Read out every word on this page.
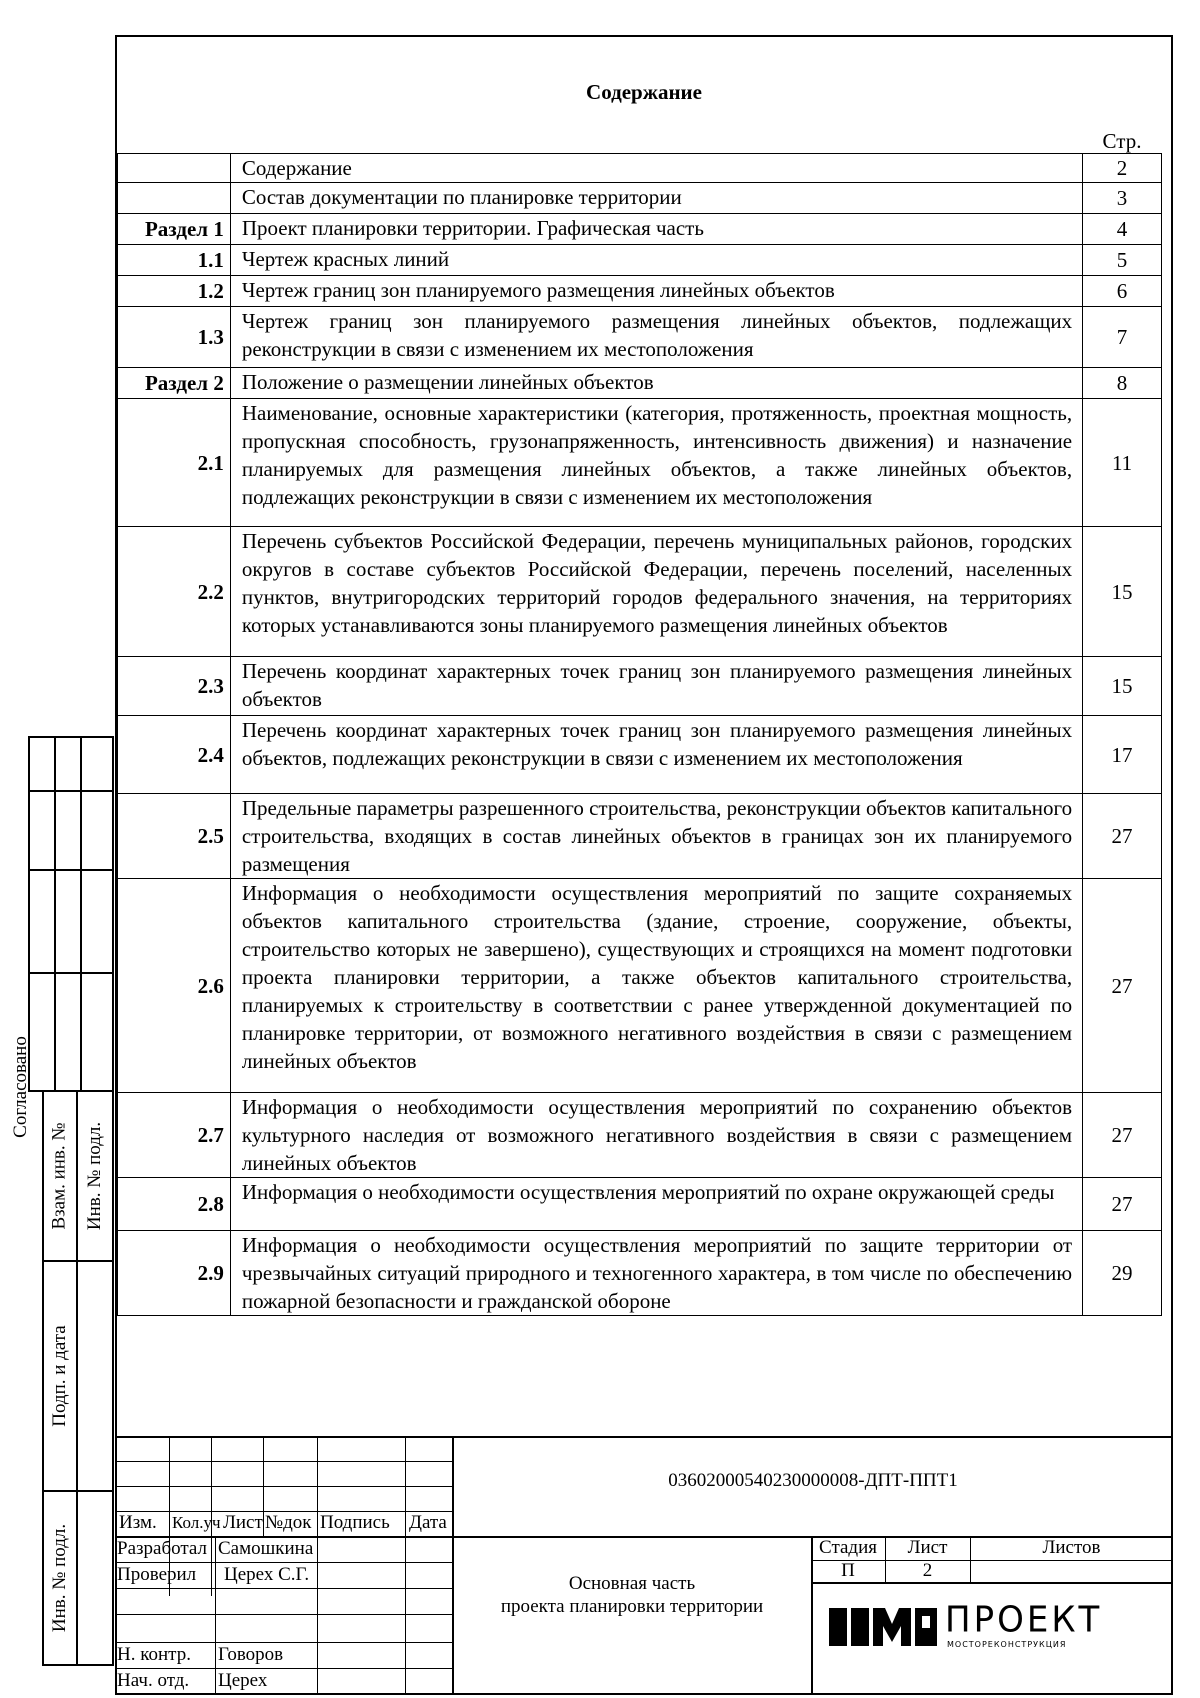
Содержание
Стр.
	Содержание	2
	Состав документации по планировке территории	3
Раздел 1	Проект планировки территории. Графическая часть	4
1.1	Чертеж красных линий	5
1.2	Чертеж границ зон планируемого размещения линейных объектов	6
1.3	Чертеж границ зон планируемого размещения линейных объектов, подлежащих реконструкции в связи с изменением их местоположения	7
Раздел 2	Положение о размещении линейных объектов	8
2.1	Наименование, основные характеристики (категория, протяженность, проектная мощность, пропускная способность, грузонапряженность, интенсивность движения) и назначение планируемых для размещения линейных объектов, а также линейных объектов, подлежащих реконструкции в связи с изменением их местоположения	11
2.2	Перечень субъектов Российской Федерации, перечень муниципальных районов, городских округов в составе субъектов Российской Федерации, перечень поселений, населенных пунктов, внутригородских территорий городов федерального значения, на территориях которых устанавливаются зоны планируемого размещения линейных объектов	15
2.3	Перечень координат характерных точек границ зон планируемого размещения линейных объектов	15
2.4	Перечень координат характерных точек границ зон планируемого размещения линейных объектов, подлежащих реконструкции в связи с изменением их местоположения	17
2.5	Предельные параметры разрешенного строительства, реконструкции объектов капитального строительства, входящих в состав линейных объектов в границах зон их планируемого размещения	27
2.6	Информация о необходимости осуществления мероприятий по защите сохраняемых объектов капитального строительства (здание, строение, сооружение, объекты, строительство которых не завершено), существующих и строящихся на момент подготовки проекта планировки территории, а также объектов капитального строительства, планируемых к строительству в соответствии с ранее утвержденной документацией по планировке территории, от возможного негативного воздействия в связи с размещением линейных объектов	27
2.7	Информация о необходимости осуществления мероприятий по сохранению объектов культурного наследия от возможного негативного воздействия в связи с размещением линейных объектов	27
2.8	Информация о необходимости осуществления мероприятий по охране окружающей среды	27
2.9	Информация о необходимости осуществления мероприятий по защите территории от чрезвычайных ситуаций природного и техногенного характера, в том числе по обеспечению пожарной безопасности и гражданской обороне	29
Согласовано
Взам. инв. № Инв. № подл.
Подп. и дата
Инв. № подл.
Изм. Кол.уч Лист №док Подпись Дата
Разработал Самошкина
Проверил Церех С.Г.
Н. контр. Говоров
Нач. отд. Церех
03602000540230000008-ДПТ-ППТ1
Основная часть
проекта планировки территории
Стадия	Лист	Листов
П	2
ПРОЕКТ
МОСТОРЕКОНСТРУКЦИЯ
